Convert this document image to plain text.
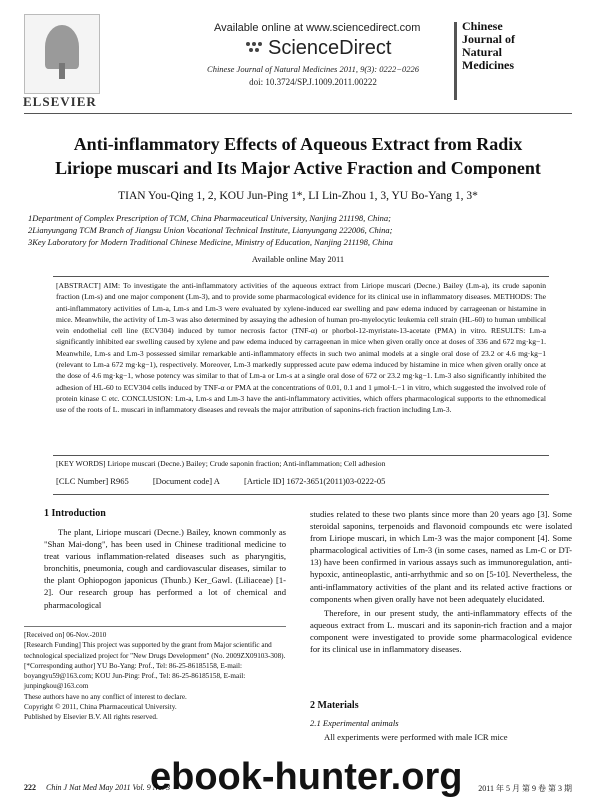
ELSEVIER
Available online at www.sciencedirect.com
ScienceDirect
Chinese Journal of Natural Medicines 2011, 9(3): 0222−0226
doi: 10.3724/SP.J.1009.2011.00222
Chinese
Journal of
Natural
Medicines
Anti-inflammatory Effects of Aqueous Extract from Radix
Liriope muscari and Its Major Active Fraction and Component
TIAN You-Qing 1, 2, KOU Jun-Ping 1*, LI Lin-Zhou 1, 3, YU Bo-Yang 1, 3*
1Department of Complex Prescription of TCM, China Pharmaceutical University, Nanjing 211198, China;
2Lianyungang TCM Branch of Jiangsu Union Vocational Technical Institute, Lianyungang 222006, China;
3Key Laboratory for Modern Traditional Chinese Medicine, Ministry of Education, Nanjing 211198, China
Available online May 2011
[ABSTRACT] AIM: To investigate the anti-inflammatory activities of the aqueous extract from Liriope muscari (Decne.) Bailey (Lm-a), its crude saponin fraction (Lm-s) and one major component (Lm-3), and to provide some pharmacological evidence for its clinical use in inflammatory diseases. METHODS: The anti-inflammatory activities of Lm-a, Lm-s and Lm-3 were evaluated by xylene-induced ear swelling and paw edema induced by carrageenan or histamine in mice. Meanwhile, the activity of Lm-3 was also determined by assaying the adhesion of human pro-myelocytic leukemia cell strain (HL-60) to human umbilical vein endothelial cell line (ECV304) induced by tumor necrosis factor (TNF-α) or phorbol-12-myristate-13-acetate (PMA) in vitro. RESULTS: Lm-a significantly inhibited ear swelling caused by xylene and paw edema induced by carrageenan in mice when given orally once at doses of 336 and 672 mg·kg−1. Meanwhile, Lm-s and Lm-3 possessed similar remarkable anti-inflammatory effects in such two animal models at a single oral dose of 23.2 or 4.6 mg·kg−1 (relevant to Lm-a 672 mg·kg−1), respectively. Moreover, Lm-3 markedly suppressed acute paw edema induced by histamine in mice when given orally once at the dose of 4.6 mg·kg−1, whose potency was similar to that of Lm-a or Lm-s at a single oral dose of 672 or 23.2 mg·kg−1. Lm-3 also significantly inhibited the adhesion of HL-60 to ECV304 cells induced by TNF-α or PMA at the concentrations of 0.01, 0.1 and 1 μmol·L−1 in vitro, which suggested the involved role of protein kinase C etc. CONCLUSION: Lm-a, Lm-s and Lm-3 have the anti-inflammatory activities, which offers pharmacological supports to the ethnomedical use of the roots of L. muscari in inflammatory diseases and reveals the major attribution of saponins-rich fraction including Lm-3.
[KEY WORDS] Liriope muscari (Decne.) Bailey; Crude saponin fraction; Anti-inflammation; Cell adhesion
[CLC Number] R965	[Document code] A	[Article ID] 1672-3651(2011)03-0222-05
1 Introduction

The plant, Liriope muscari (Decne.) Bailey, known commonly as "Shan Mai-dong", has been used in Chinese traditional medicine to treat various inflammation-related diseases such as pharyngitis, bronchitis, pneumonia, cough and cardiovascular diseases, similar to the plant Ophiopogon japonicus (Thunb.) Ker_Gawl. (Liliaceae) [1-2]. Our research group has performed a lot of chemical and pharmacological

[Received on] 06-Nov.-2010
[Research Funding] This project was supported by the grant from Major scientific and technological specialized project for "New Drugs Development" (No. 2009ZX09103-308).
[*Corresponding author] YU Bo-Yang: Prof., Tel: 86-25-86185158, E-mail: boyangyu59@163.com; KOU Jun-Ping: Prof., Tel: 86-25-86185158, E-mail: junpingkou@163.com
These authors have no any conflict of interest to declare.
Copyright © 2011, China Pharmaceutical University.
Published by Elsevier B.V. All rights reserved.

studies related to these two plants since more than 20 years ago [3]. Some steroidal saponins, terpenoids and flavonoid compounds etc were isolated from Liriope muscari, in which Lm-3 was the major component [4]. Some pharmacological activities of Lm-3 (in some cases, named as Lm-C or DT-13) have been confirmed in various assays such as immunoregulation, anti-hypoxic, antineoplastic, anti-arrhythmic and so on [5-10]. Nevertheless, the anti-inflammatory activities of the plant and its related active fractions or components when given orally have not been adequately elucidated.

Therefore, in our present study, the anti-inflammatory effects of the aqueous extract from L. muscari and its saponin-rich fraction and a major component were investigated to provide some pharmacological evidence for its clinical use in inflammatory diseases.

2 Materials
2.1 Experimental animals
All experiments were performed with male ICR mice
222 Chin J Nat Med May 2011 Vol. 9 No. 3	2011 年 5 月 第 9 卷 第 3 期
ebook-hunter.org
